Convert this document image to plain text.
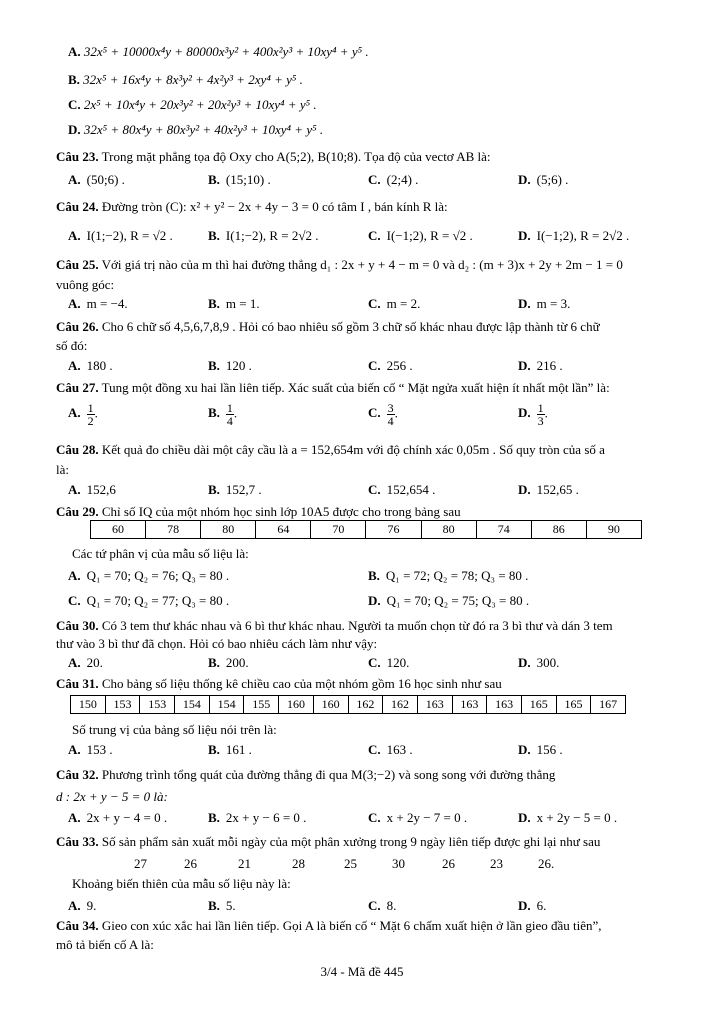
A. 32x⁵ + 10000x⁴y + 80000x³y² + 400x²y³ + 10xy⁴ + y⁵ .
B. 32x⁵ + 16x⁴y + 8x³y² + 4x²y³ + 2xy⁴ + y⁵ .
C. 2x⁵ + 10x⁴y + 20x³y² + 20x²y³ + 10xy⁴ + y⁵ .
D. 32x⁵ + 80x⁴y + 80x³y² + 40x²y³ + 10xy⁴ + y⁵ .
Câu 23. Trong mặt phẳng tọa độ Oxy cho A(5;2), B(10;8). Tọa độ của vectơ AB là:
A. (50;6) .	B. (15;10) .	C. (2;4) .	D. (5;6) .
Câu 24. Đường tròn (C): x² + y² − 2x + 4y − 3 = 0 có tâm I , bán kính R là:
A. I(1;−2), R = √2 .	B. I(1;−2), R = 2√2 .	C. I(−1;2), R = √2 .	D. I(−1;2), R = 2√2 .
Câu 25. Với giá trị nào của m thì hai đường thẳng d₁ : 2x + y + 4 − m = 0 và d₂ : (m + 3)x + 2y + 2m − 1 = 0
vuông góc:
A. m = −4.	B. m = 1.	C. m = 2.	D. m = 3.
Câu 26. Cho 6 chữ số 4,5,6,7,8,9 . Hỏi có bao nhiêu số gồm 3 chữ số khác nhau được lập thành từ 6 chữ
số đó:
A. 180 .	B. 120 .	C. 256 .	D. 216 .
Câu 27. Tung một đồng xu hai lần liên tiếp. Xác suất của biến cố “ Mặt ngửa xuất hiện ít nhất một lần” là:
A. $\frac{1}{2}$ .	B. $\frac{1}{4}$ .	C. $\frac{3}{4}$ .	D. $\frac{1}{3}$ .
Câu 28. Kết quả đo chiều dài một cây cầu là a = 152,654m với độ chính xác 0,05m . Số quy tròn của số a
là:
A. 152,6	B. 152,7 .	C. 152,654 .	D. 152,65 .
Câu 29. Chỉ số IQ của một nhóm học sinh lớp 10A5 được cho trong bảng sau
60	78	80	64	70	76	80	74	86	90
Các tứ phân vị của mẫu số liệu là:
A. Q₁ = 70; Q₂ = 76; Q₃ = 80 .	B. Q₁ = 72; Q₂ = 78; Q₃ = 80 .
C. Q₁ = 70; Q₂ = 77; Q₃ = 80 .	D. Q₁ = 70; Q₂ = 75; Q₃ = 80 .
Câu 30. Có 3 tem thư khác nhau và 6 bì thư khác nhau. Người ta muốn chọn từ đó ra 3 bì thư và dán 3 tem
thư vào 3 bì thư đã chọn. Hỏi có bao nhiêu cách làm như vậy:
A. 20.	B. 200.	C. 120.	D. 300.
Câu 31. Cho bảng số liệu thống kê chiều cao của một nhóm gồm 16 học sinh như sau
150	153	153	154	154	155	160	160	162	162	163	163	163	165	165	167
Số trung vị của bảng số liệu nói trên là:
A. 153 .	B. 161 .	C. 163 .	D. 156 .
Câu 32. Phương trình tổng quát của đường thẳng đi qua M(3;−2) và song song với đường thẳng
d : 2x + y − 5 = 0 là:
A. 2x + y − 4 = 0 .	B. 2x + y − 6 = 0 .	C. x + 2y − 7 = 0 .	D. x + 2y − 5 = 0 .
Câu 33. Số sản phẩm sản xuất mỗi ngày của một phân xưởng trong 9 ngày liên tiếp được ghi lại như sau
27	26	21	28	25	30	26	23	26.
Khoảng biến thiên của mẫu số liệu này là:
A. 9.	B. 5.	C. 8.	D. 6.
Câu 34. Gieo con xúc xắc hai lần liên tiếp. Gọi A là biến cố “ Mặt 6 chấm xuất hiện ở lần gieo đầu tiên”,
mô tả biến cố A là:
3/4 - Mã đề 445
